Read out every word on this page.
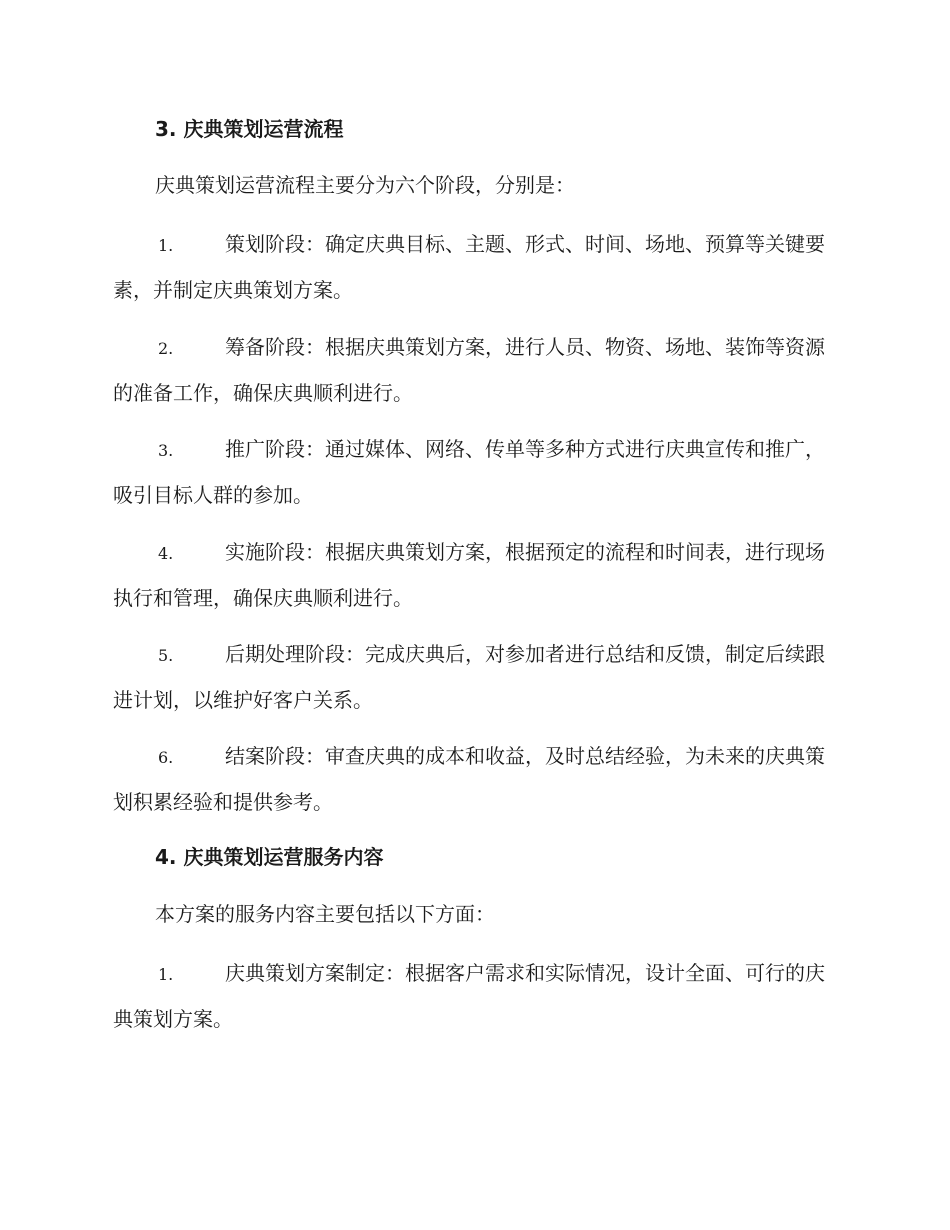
3. 庆典策划运营流程
庆典策划运营流程主要分为六个阶段，分别是：
1.	策划阶段：确定庆典目标、主题、形式、时间、场地、预算等关键要素，并制定庆典策划方案。
2.	筹备阶段：根据庆典策划方案，进行人员、物资、场地、装饰等资源的准备工作，确保庆典顺利进行。
3.	推广阶段：通过媒体、网络、传单等多种方式进行庆典宣传和推广，吸引目标人群的参加。
4.	实施阶段：根据庆典策划方案，根据预定的流程和时间表，进行现场执行和管理，确保庆典顺利进行。
5.	后期处理阶段：完成庆典后，对参加者进行总结和反馈，制定后续跟进计划，以维护好客户关系。
6.	结案阶段：审查庆典的成本和收益，及时总结经验，为未来的庆典策划积累经验和提供参考。
4. 庆典策划运营服务内容
本方案的服务内容主要包括以下方面：
1.	庆典策划方案制定：根据客户需求和实际情况，设计全面、可行的庆典策划方案。
